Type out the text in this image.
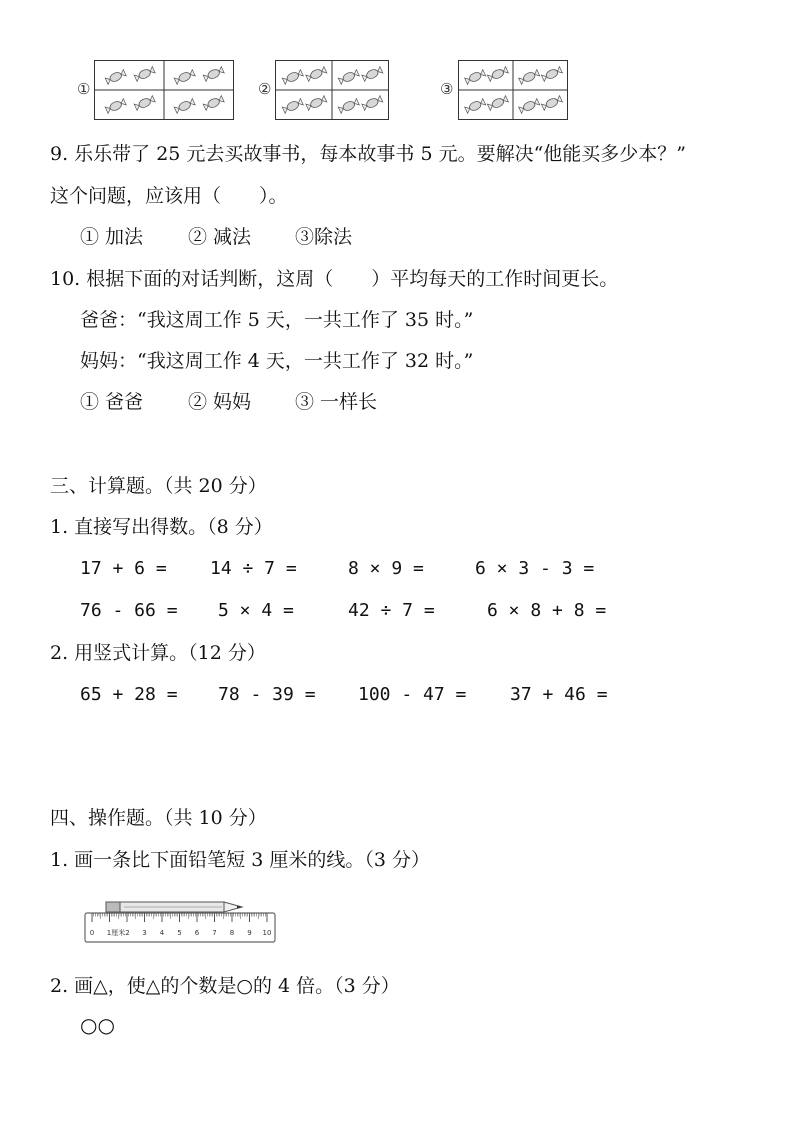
①	②	③
9. 乐乐带了 25 元去买故事书，每本故事书 5 元。要解决“他能买多少本？”
这个问题，应该用（　　）。
① 加法 ② 减法 ③除法
10. 根据下面的对话判断，这周（　　）平均每天的工作时间更长。
爸爸：“我这周工作 5 天，一共工作了 35 时。”
妈妈：“我这周工作 4 天，一共工作了 32 时。”
① 爸爸 ② 妈妈 ③ 一样长
三、计算题。（共 20 分）
1. 直接写出得数。（8 分）
17 + 6 = 14 ÷ 7 =	8 × 9 =	6 × 3 - 3 =
76 - 66 = 5 × 4 =	42 ÷ 7 =	6 × 8 + 8 =
2. 用竖式计算。（12 分）
65 + 28 = 78 - 39 = 100 - 47 = 37 + 46 =
四、操作题。（共 10 分）
1. 画一条比下面铅笔短 3 厘米的线。（3 分）
0 1厘米2 3 4 5 6 7 8 9 10
2. 画△，使△的个数是○的 4 倍。（3 分）
○○
